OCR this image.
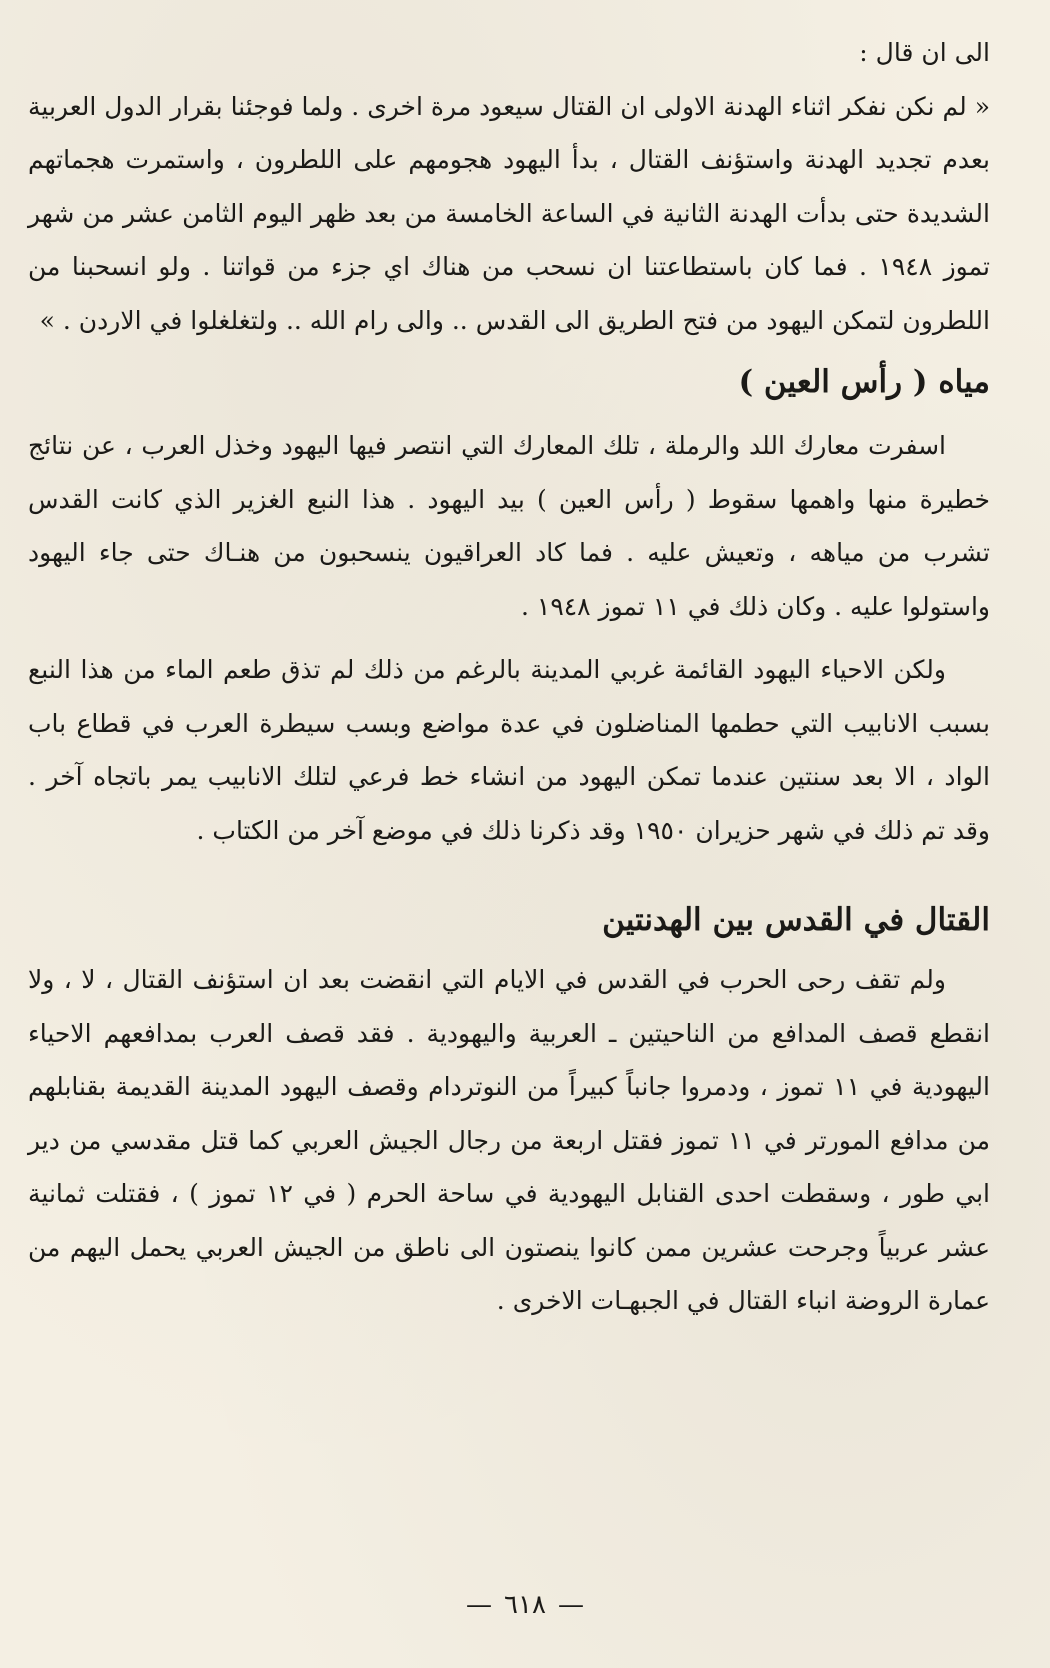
الى ان قال :

« لم نكن نفكر اثناء الهدنة الاولى ان القتال سيعود مرة اخرى . ولما فوجئنا بقرار الدول العربية بعدم تجديد الهدنة واستؤنف القتال ، بدأ اليهود هجومهم على اللطرون ، واستمرت هجماتهم الشديدة حتى بدأت الهدنة الثانية في الساعة الخامسة من بعد ظهر اليوم الثامن عشر من شهر تموز ١٩٤٨ . فما كان باستطاعتنا ان نسحب من هناك اي جزء من قواتنا . ولو انسحبنا من اللطرون لتمكن اليهود من فتح الطريق الى القدس .. والى رام الله .. ولتغلغلوا في الاردن . »

مياه ( رأس العين )

اسفرت معارك اللد والرملة ، تلك المعارك التي انتصر فيها اليهود وخذل العرب ، عن نتائج خطيرة منها واهمها سقوط ( رأس العين ) بيد اليهود . هذا النبع الغزير الذي كانت القدس تشرب من مياهه ، وتعيش عليه . فما كاد العراقيون ينسحبون من هنـاك حتى جاء اليهود واستولوا عليه . وكان ذلك في ١١ تموز ١٩٤٨ .

ولكن الاحياء اليهود القائمة غربي المدينة بالرغم من ذلك لم تذق طعم الماء من هذا النبع بسبب الانابيب التي حطمها المناضلون في عدة مواضع وبسب سيطرة العرب في قطاع باب الواد ، الا بعد سنتين عندما تمكن اليهود من انشاء خط فرعي لتلك الانابيب يمر باتجاه آخر . وقد تم ذلك في شهر حزيران ١٩٥٠ وقد ذكرنا ذلك في موضع آخر من الكتاب .

القتال في القدس بين الهدنتين

ولم تقف رحى الحرب في القدس في الايام التي انقضت بعد ان استؤنف القتال ، لا ، ولا انقطع قصف المدافع من الناحيتين ـ العربية واليهودية . فقد قصف العرب بمدافعهم الاحياء اليهودية في ١١ تموز ، ودمروا جانباً كبيراً من النوتردام وقصف اليهود المدينة القديمة بقنابلهم من مدافع المورتر في ١١ تموز فقتل اربعة من رجال الجيش العربي كما قتل مقدسي من دير ابي طور ، وسقطت احدى القنابل اليهودية في ساحة الحرم ( في ١٢ تموز ) ، فقتلت ثمانية عشر عربياً وجرحت عشرين ممن كانوا ينصتون الى ناطق من الجيش العربي يحمل اليهم من عمارة الروضة انباء القتال في الجبهـات الاخرى .

—٦١٨—
